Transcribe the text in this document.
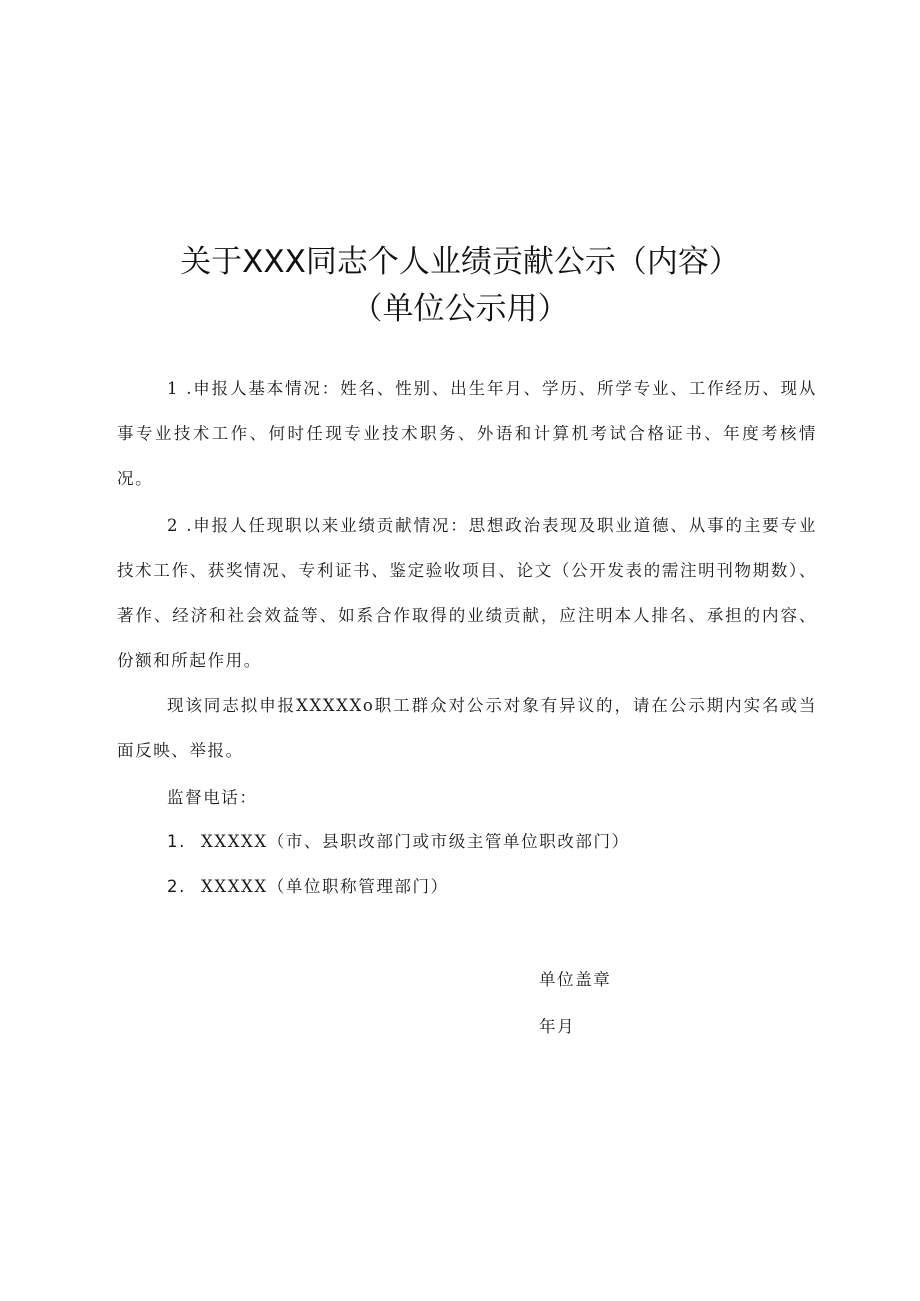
关于XXX同志个人业绩贡献公示（内容）
（单位公示用）

1 .申报人基本情况：姓名、性别、出生年月、学历、所学专业、工作经历、现从事专业技术工作、何时任现专业技术职务、外语和计算机考试合格证书、年度考核情况。

2 .申报人任现职以来业绩贡献情况：思想政治表现及职业道德、从事的主要专业技术工作、获奖情况、专利证书、鉴定验收项目、论文（公开发表的需注明刊物期数）、著作、经济和社会效益等、如系合作取得的业绩贡献，应注明本人排名、承担的内容、份额和所起作用。

现该同志拟申报XXXXXo职工群众对公示对象有异议的，请在公示期内实名或当面反映、举报。

监督电话：
1. XXXXX（市、县职改部门或市级主管单位职改部门）
2. XXXXX（单位职称管理部门）
单位盖章
年月
